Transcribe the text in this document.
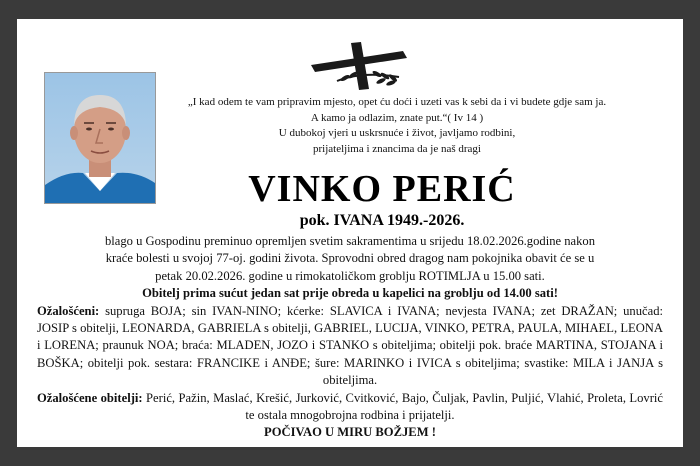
„I kad odem te vam pripravim mjesto, opet ću doći i uzeti vas k sebi da i vi budete gdje sam ja.
A kamo ja odlazim, znate put.“( Iv 14 )
U dubokoj vjeri u uskrsnuće i život, javljamo rodbini,
prijateljima i znancima da je naš dragi
VINKO PERIĆ
pok. IVANA 1949.-2026.
blago u Gospodinu preminuo opremljen svetim sakramentima u srijedu 18.02.2026.godine nakon
kraće bolesti u svojoj 77-oj. godini života. Sprovodni obred dragog nam pokojnika obavit će se u
petak 20.02.2026. godine u rimokatoličkom groblju ROTIMLJA u 15.00 sati.
Obitelj prima sućut jedan sat prije obreda u kapelici na groblju od 14.00 sati!
Ožalošćeni: supruga BOJA; sin IVAN-NINO; kćerke: SLAVICA i IVANA; nevjesta IVANA; zet DRAŽAN; unučad: JOSIP s obitelji, LEONARDA, GABRIELA s obitelji, GABRIEL, LUCIJA, VINKO, PETRA, PAULA, MIHAEL, LEONA i LORENA; praunuk NOA; braća: MLADEN, JOZO i STANKO s obiteljima; obitelji pok. braće MARTINA, STOJANA i BOŠKA; obitelji pok. sestara: FRANCIKE i ANĐE; šure: MARINKO i IVICA s obiteljima; svastike: MILA i JANJA s obiteljima.
Ožalošćene obitelji: Perić, Pažin, Maslać, Krešić, Jurković, Cvitković, Bajo, Čuljak, Pavlin, Puljić, Vlahić, Proleta, Lovrić te ostala mnogobrojna rodbina i prijatelji.
POČIVAO U MIRU BOŽJEM !
